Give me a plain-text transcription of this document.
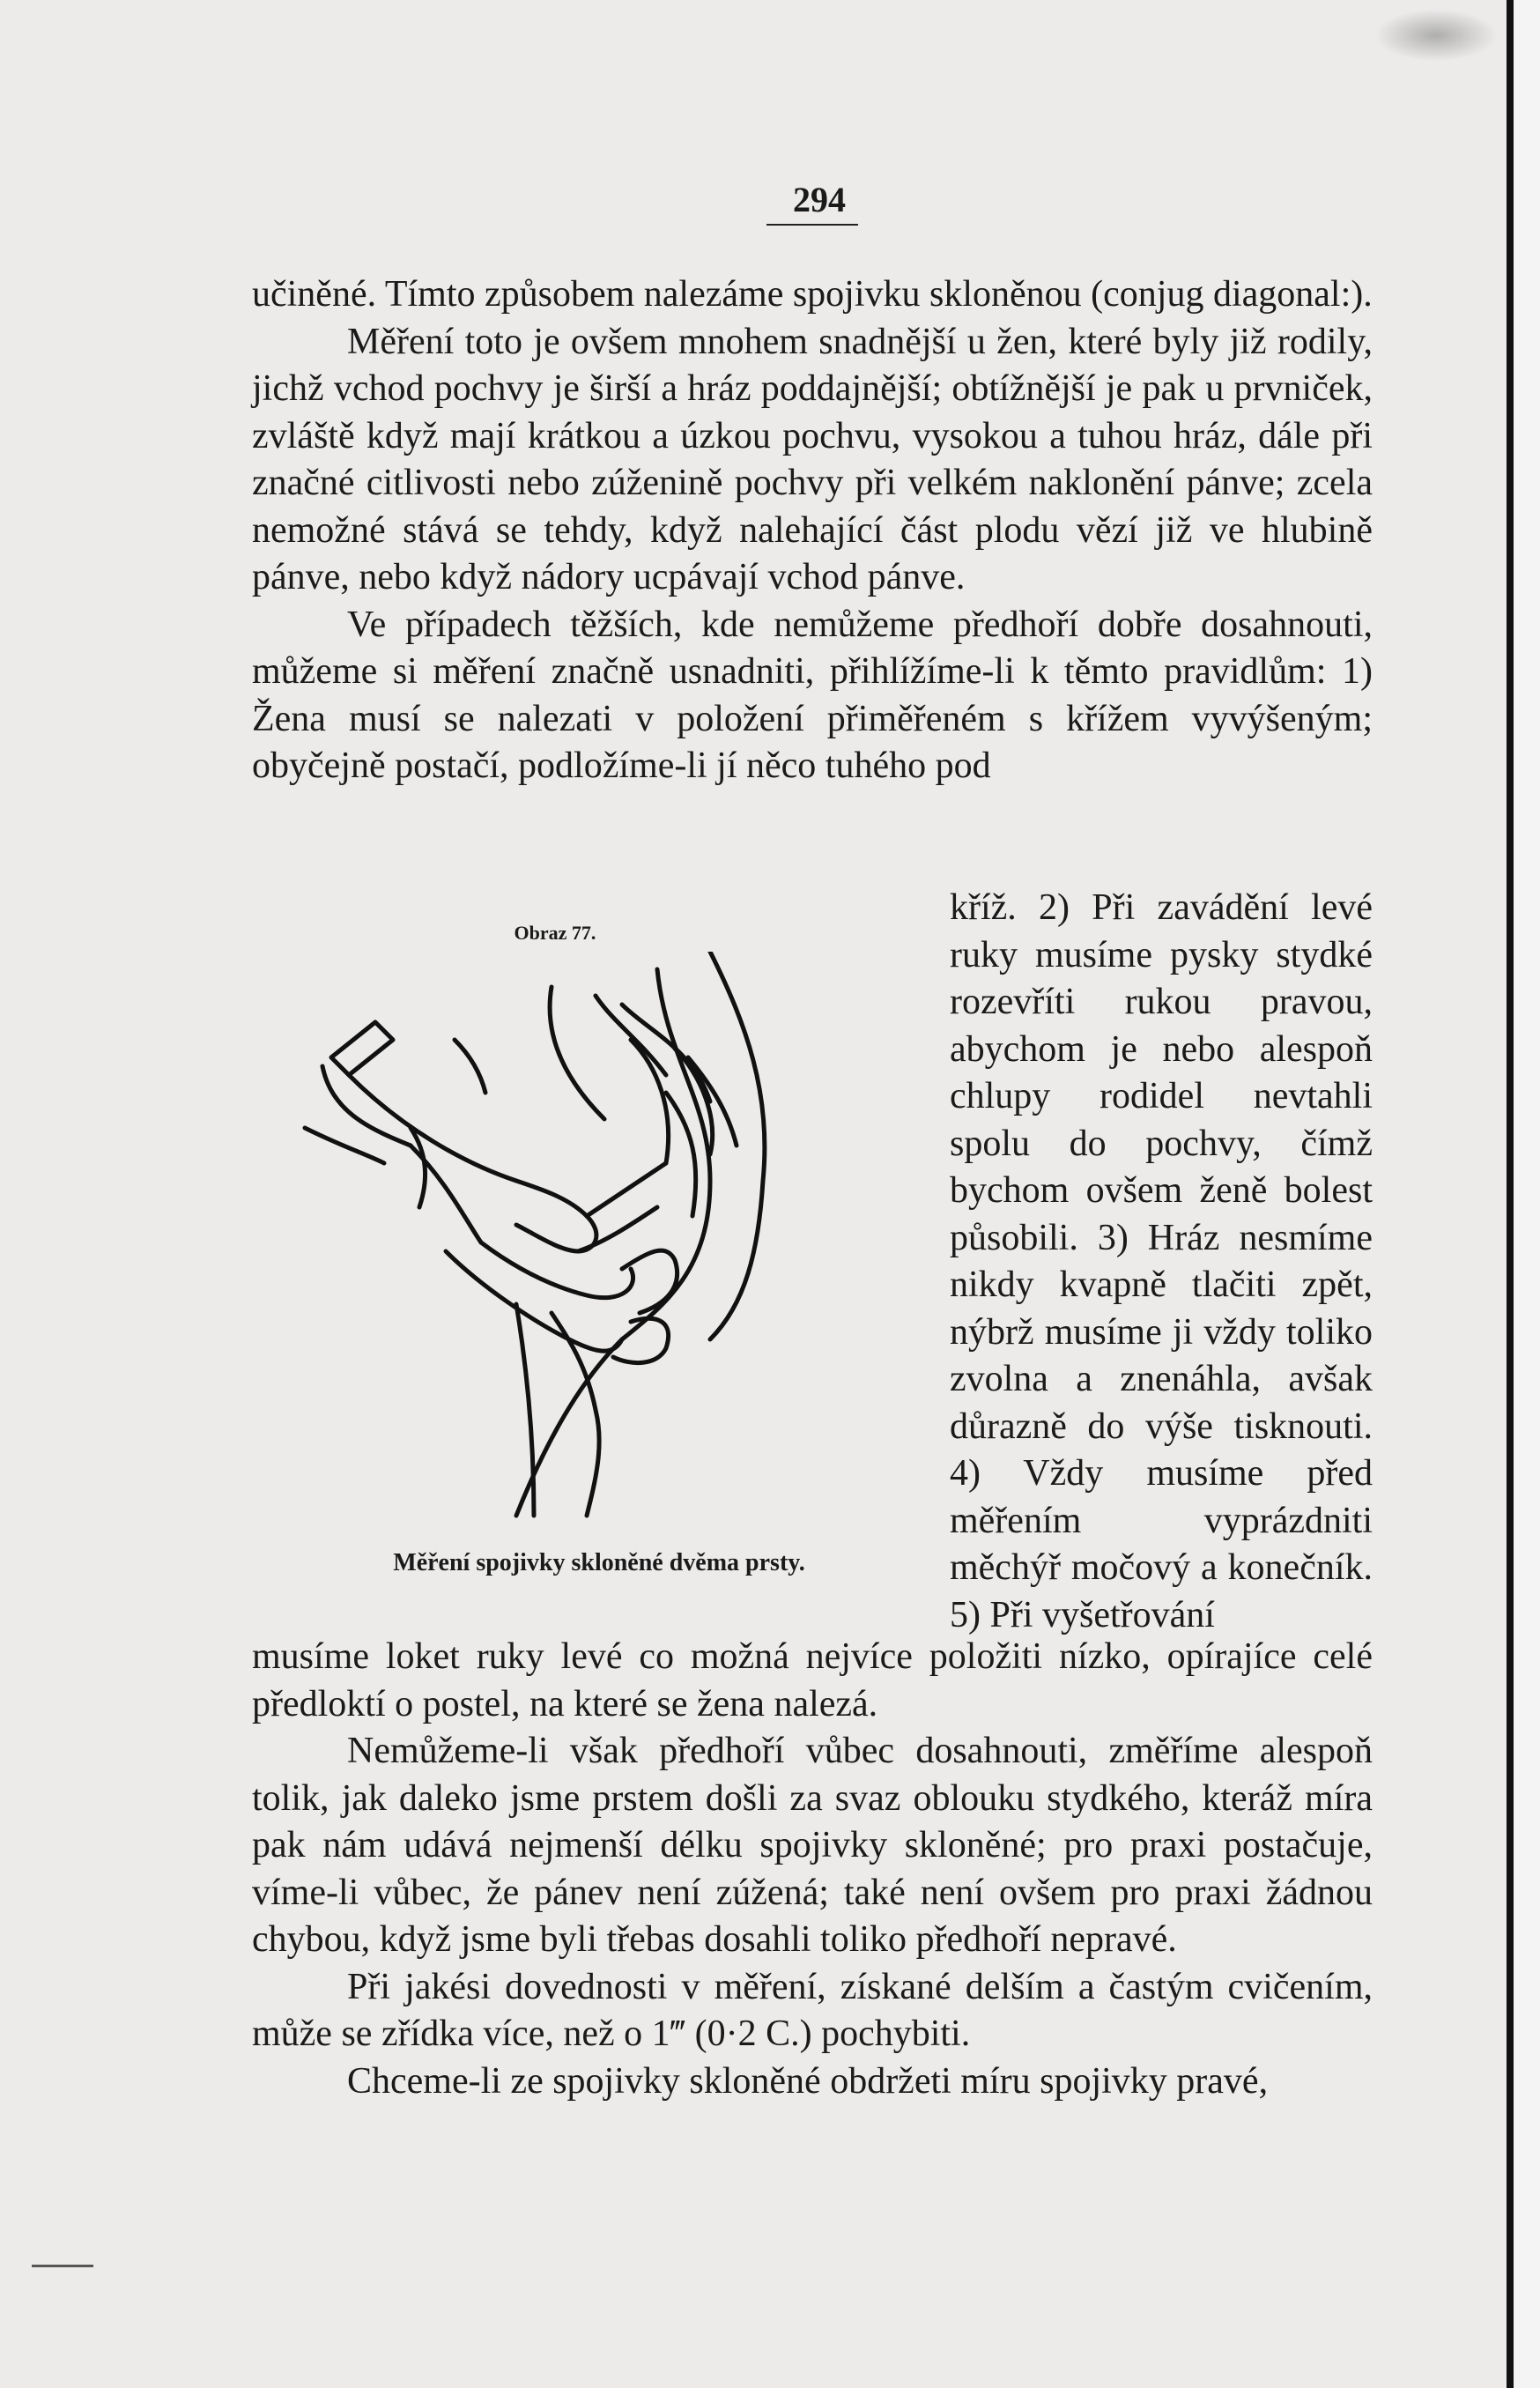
294

učiněné. Tímto způsobem nalezáme spojivku skloněnou (conjug diagonal:).

Měření toto je ovšem mnohem snadnější u žen, které byly již rodily, jichž vchod pochvy je širší a hráz poddajnější; obtížnější je pak u prvniček, zvláště když mají krátkou a úzkou pochvu, vysokou a tuhou hráz, dále při značné citlivosti nebo zúženině pochvy při velkém naklonění pánve; zcela nemožné stává se tehdy, když nalehající část plodu vězí již ve hlubině pánve, nebo když nádory ucpávají vchod pánve.

Ve případech těžších, kde nemůžeme předhoří dobře dosahnouti, můžeme si měření značně usnadniti, přihlížíme-li k těmto pravidlům: 1) Žena musí se nalezati v položení přiměřeném s křížem vyvýšeným; obyčejně postačí, podložíme-li jí něco tuhého pod

kříž. 2) Při zavádění levé ruky musíme pysky stydké rozevříti rukou pravou, abychom je nebo alespoň chlupy rodidel nevtahli spolu do pochvy, čímž bychom ovšem ženě bolest působili. 3) Hráz nesmíme nikdy kvapně tlačiti zpět, nýbrž musíme ji vždy toliko zvolna a znenáhla, avšak důrazně do výše tisknouti. 4) Vždy musíme před měřením vyprázdniti měchýř močový a konečník. 5) Při vyšetřování

Obraz 77.
Měření spojivky skloněné dvěma prsty.

musíme loket ruky levé co možná nejvíce položiti nízko, opírajíce celé předloktí o postel, na které se žena nalezá.

Nemůžeme-li však předhoří vůbec dosahnouti, změříme alespoň tolik, jak daleko jsme prstem došli za svaz oblouku stydkého, kteráž míra pak nám udává nejmenší délku spojivky skloněné; pro praxi postačuje, víme-li vůbec, že pánev není zúžená; také není ovšem pro praxi žádnou chybou, když jsme byli třebas dosahli toliko předhoří nepravé.

Při jakési dovednosti v měření, získané delším a častým cvičením, může se zřídka více, než o 1‴ (0·2 C.) pochybiti.

Chceme-li ze spojivky skloněné obdržeti míru spojivky pravé,
